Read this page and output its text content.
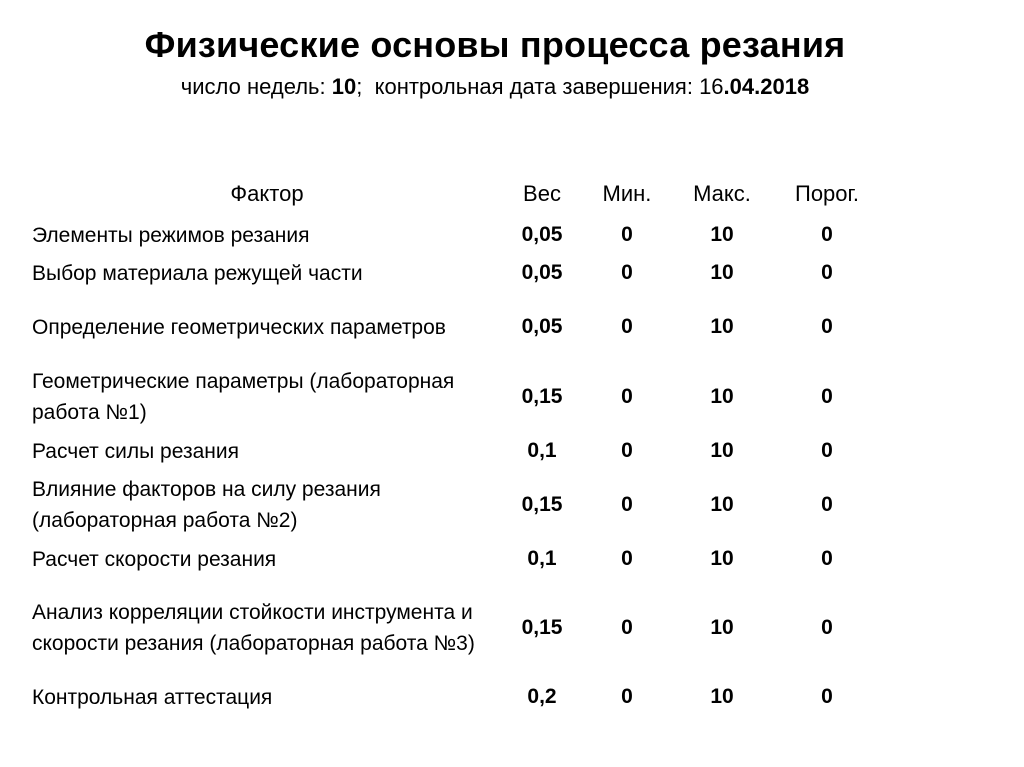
Физические основы процесса резания
число недель: 10;  контрольная дата завершения: 16.04.2018
Фактор	Вес	Мин.	Макс.	Порог.
Элементы режимов резания	0,05	0	10	0
Выбор материала режущей части	0,05	0	10	0
Определение геометрических параметров	0,05	0	10	0
Геометрические параметры (лабораторная работа №1)	0,15	0	10	0
Расчет силы резания	0,1	0	10	0
Влияние факторов на силу резания (лабораторная работа №2)	0,15	0	10	0
Расчет скорости резания	0,1	0	10	0
Анализ корреляции стойкости инструмента и скорости резания (лабораторная работа №3)	0,15	0	10	0
Контрольная аттестация	0,2	0	10	0
